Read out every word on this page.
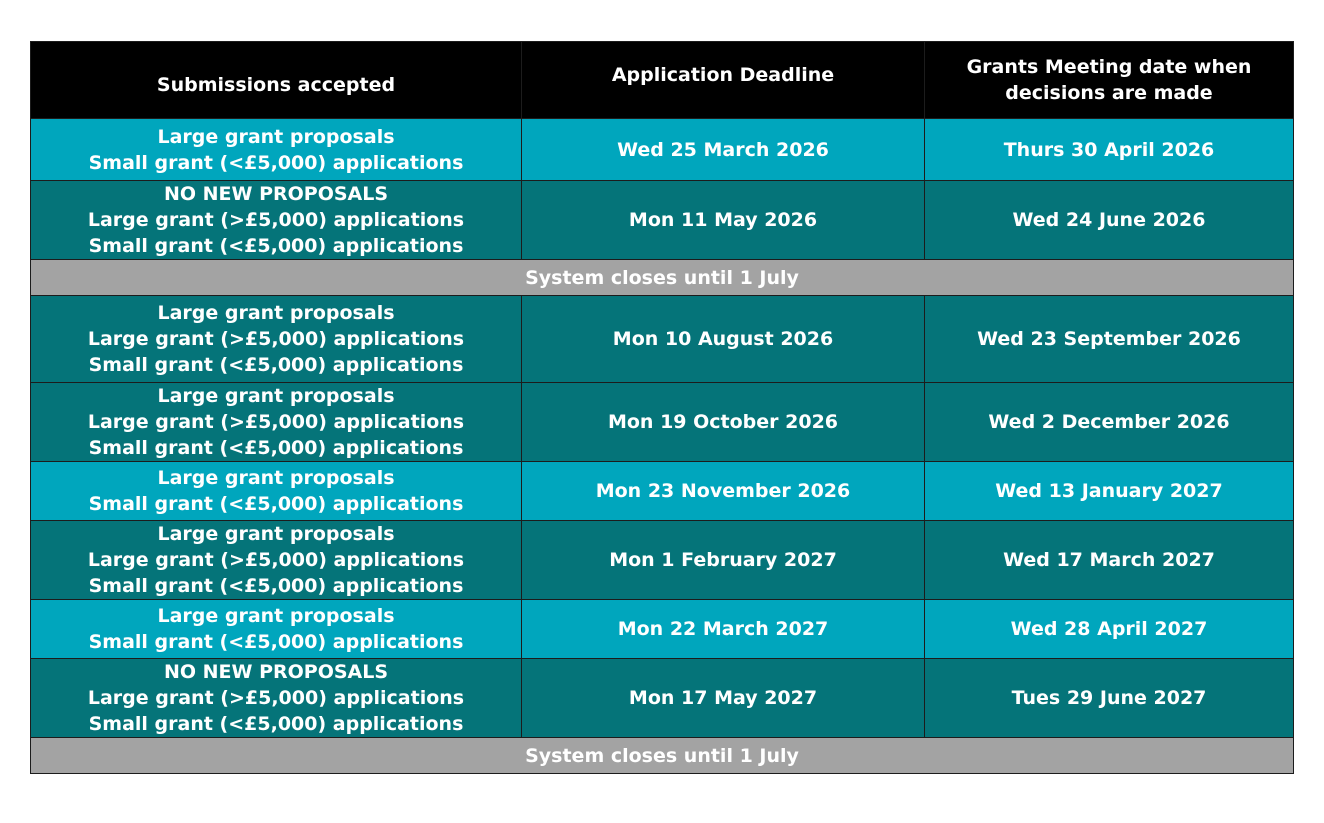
Submissions accepted	Application Deadline	Grants Meeting date when decisions are made

Large grant proposals
Small grant (<£5,000) applications	Wed 25 March 2026	Thurs 30 April 2026

NO NEW PROPOSALS
Large grant (>£5,000) applications
Small grant (<£5,000) applications	Mon 11 May 2026	Wed 24 June 2026
System closes until 1 July		

Large grant proposals
Large grant (>£5,000) applications
Small grant (<£5,000) applications	Mon 10 August 2026	Wed 23 September 2026

Large grant proposals
Large grant (>£5,000) applications
Small grant (<£5,000) applications	Mon 19 October 2026	Wed 2 December 2026

Large grant proposals
Small grant (<£5,000) applications	Mon 23 November 2026	Wed 13 January 2027

Large grant proposals
Large grant (>£5,000) applications
Small grant (<£5,000) applications	Mon 1 February 2027	Wed 17 March 2027

Large grant proposals
Small grant (<£5,000) applications	Mon 22 March 2027	Wed 28 April 2027

NO NEW PROPOSALS
Large grant (>£5,000) applications
Small grant (<£5,000) applications	Mon 17 May 2027	Tues 29 June 2027
System closes until 1 July		
